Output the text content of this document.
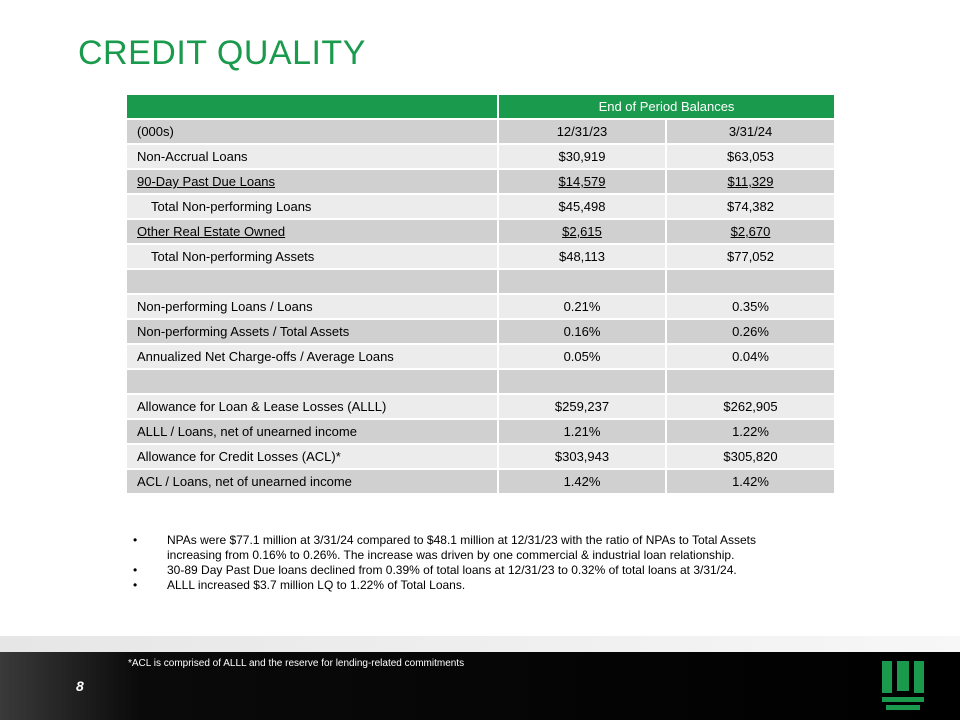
CREDIT QUALITY
	End of Period Balances	
(000s)	12/31/23	3/31/24
Non-Accrual Loans	$30,919	$63,053
90-Day Past Due Loans	$14,579	$11,329
Total Non-performing Loans	$45,498	$74,382
Other Real Estate Owned	$2,615	$2,670
Total Non-performing Assets	$48,113	$77,052

Non-performing Loans / Loans	0.21%	0.35%
Non-performing Assets / Total Assets	0.16%	0.26%
Annualized Net Charge-offs / Average Loans	0.05%	0.04%

Allowance for Loan & Lease Losses (ALLL)	$259,237	$262,905
ALLL / Loans, net of unearned income	1.21%	1.22%
Allowance for Credit Losses (ACL)*	$303,943	$305,820
ACL / Loans, net of unearned income	1.42%	1.42%
•	NPAs were $77.1 million at 3/31/24 compared to $48.1 million at 12/31/23 with the ratio of NPAs to Total Assets increasing from 0.16% to 0.26%. The increase was driven by one commercial & industrial loan relationship.
•	30-89 Day Past Due loans declined from 0.39% of total loans at 12/31/23 to 0.32% of total loans at 3/31/24.
•	ALLL increased $3.7 million LQ to 1.22% of Total Loans.
*ACL is comprised of ALLL and the reserve for lending-related commitments
8
